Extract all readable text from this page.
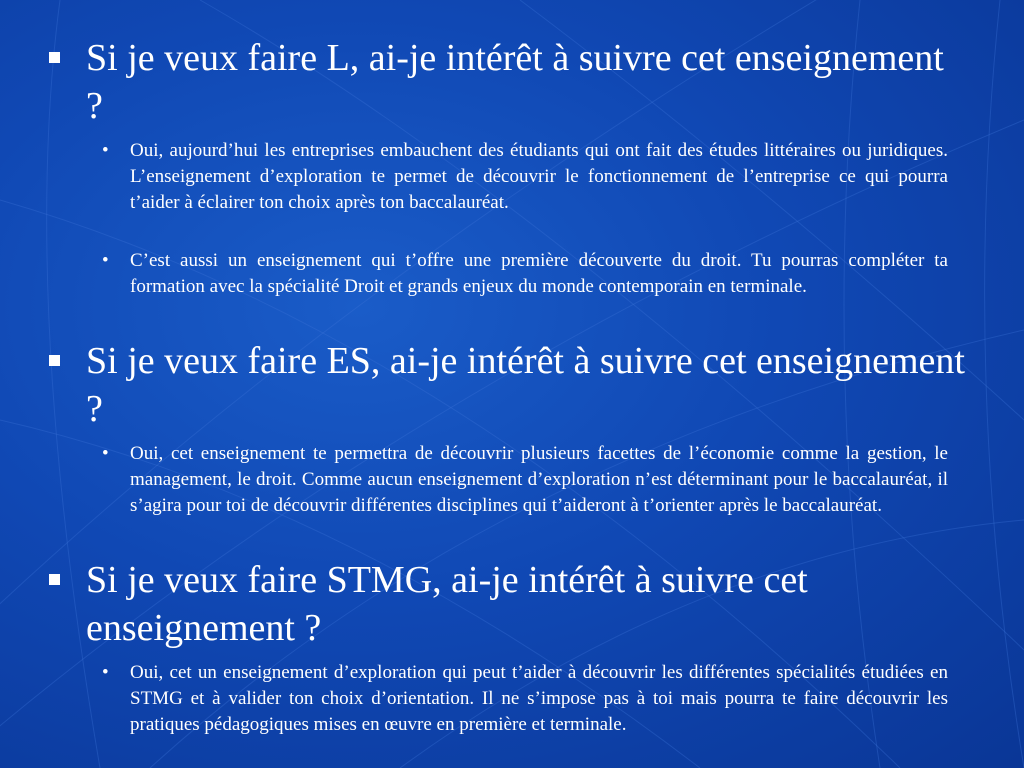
Si je veux faire L, ai-je intérêt à suivre cet enseignement ?
• Oui, aujourd’hui les entreprises embauchent des étudiants qui ont fait des études littéraires ou juridiques. L’enseignement d’exploration te permet de découvrir le fonctionnement de l’entreprise ce qui pourra t’aider à éclairer ton choix après ton baccalauréat.
• C’est aussi un enseignement qui t’offre une première découverte du droit. Tu pourras compléter ta formation avec la spécialité Droit et grands enjeux du monde contemporain en terminale.
Si je veux faire ES, ai-je intérêt à suivre cet enseignement ?
• Oui, cet enseignement te permettra de découvrir plusieurs facettes de l’économie comme la gestion, le management, le droit. Comme aucun enseignement d’exploration n’est déterminant pour le baccalauréat, il s’agira pour toi de découvrir différentes disciplines qui t’aideront à t’orienter après le baccalauréat.
Si je veux faire STMG, ai-je intérêt à suivre cet enseignement ?
• Oui, cet un enseignement d’exploration qui peut t’aider à découvrir les différentes spécialités étudiées en STMG et à valider ton choix d’orientation. Il ne s’impose pas à toi mais pourra te faire découvrir les pratiques pédagogiques mises en œuvre en première et terminale.
